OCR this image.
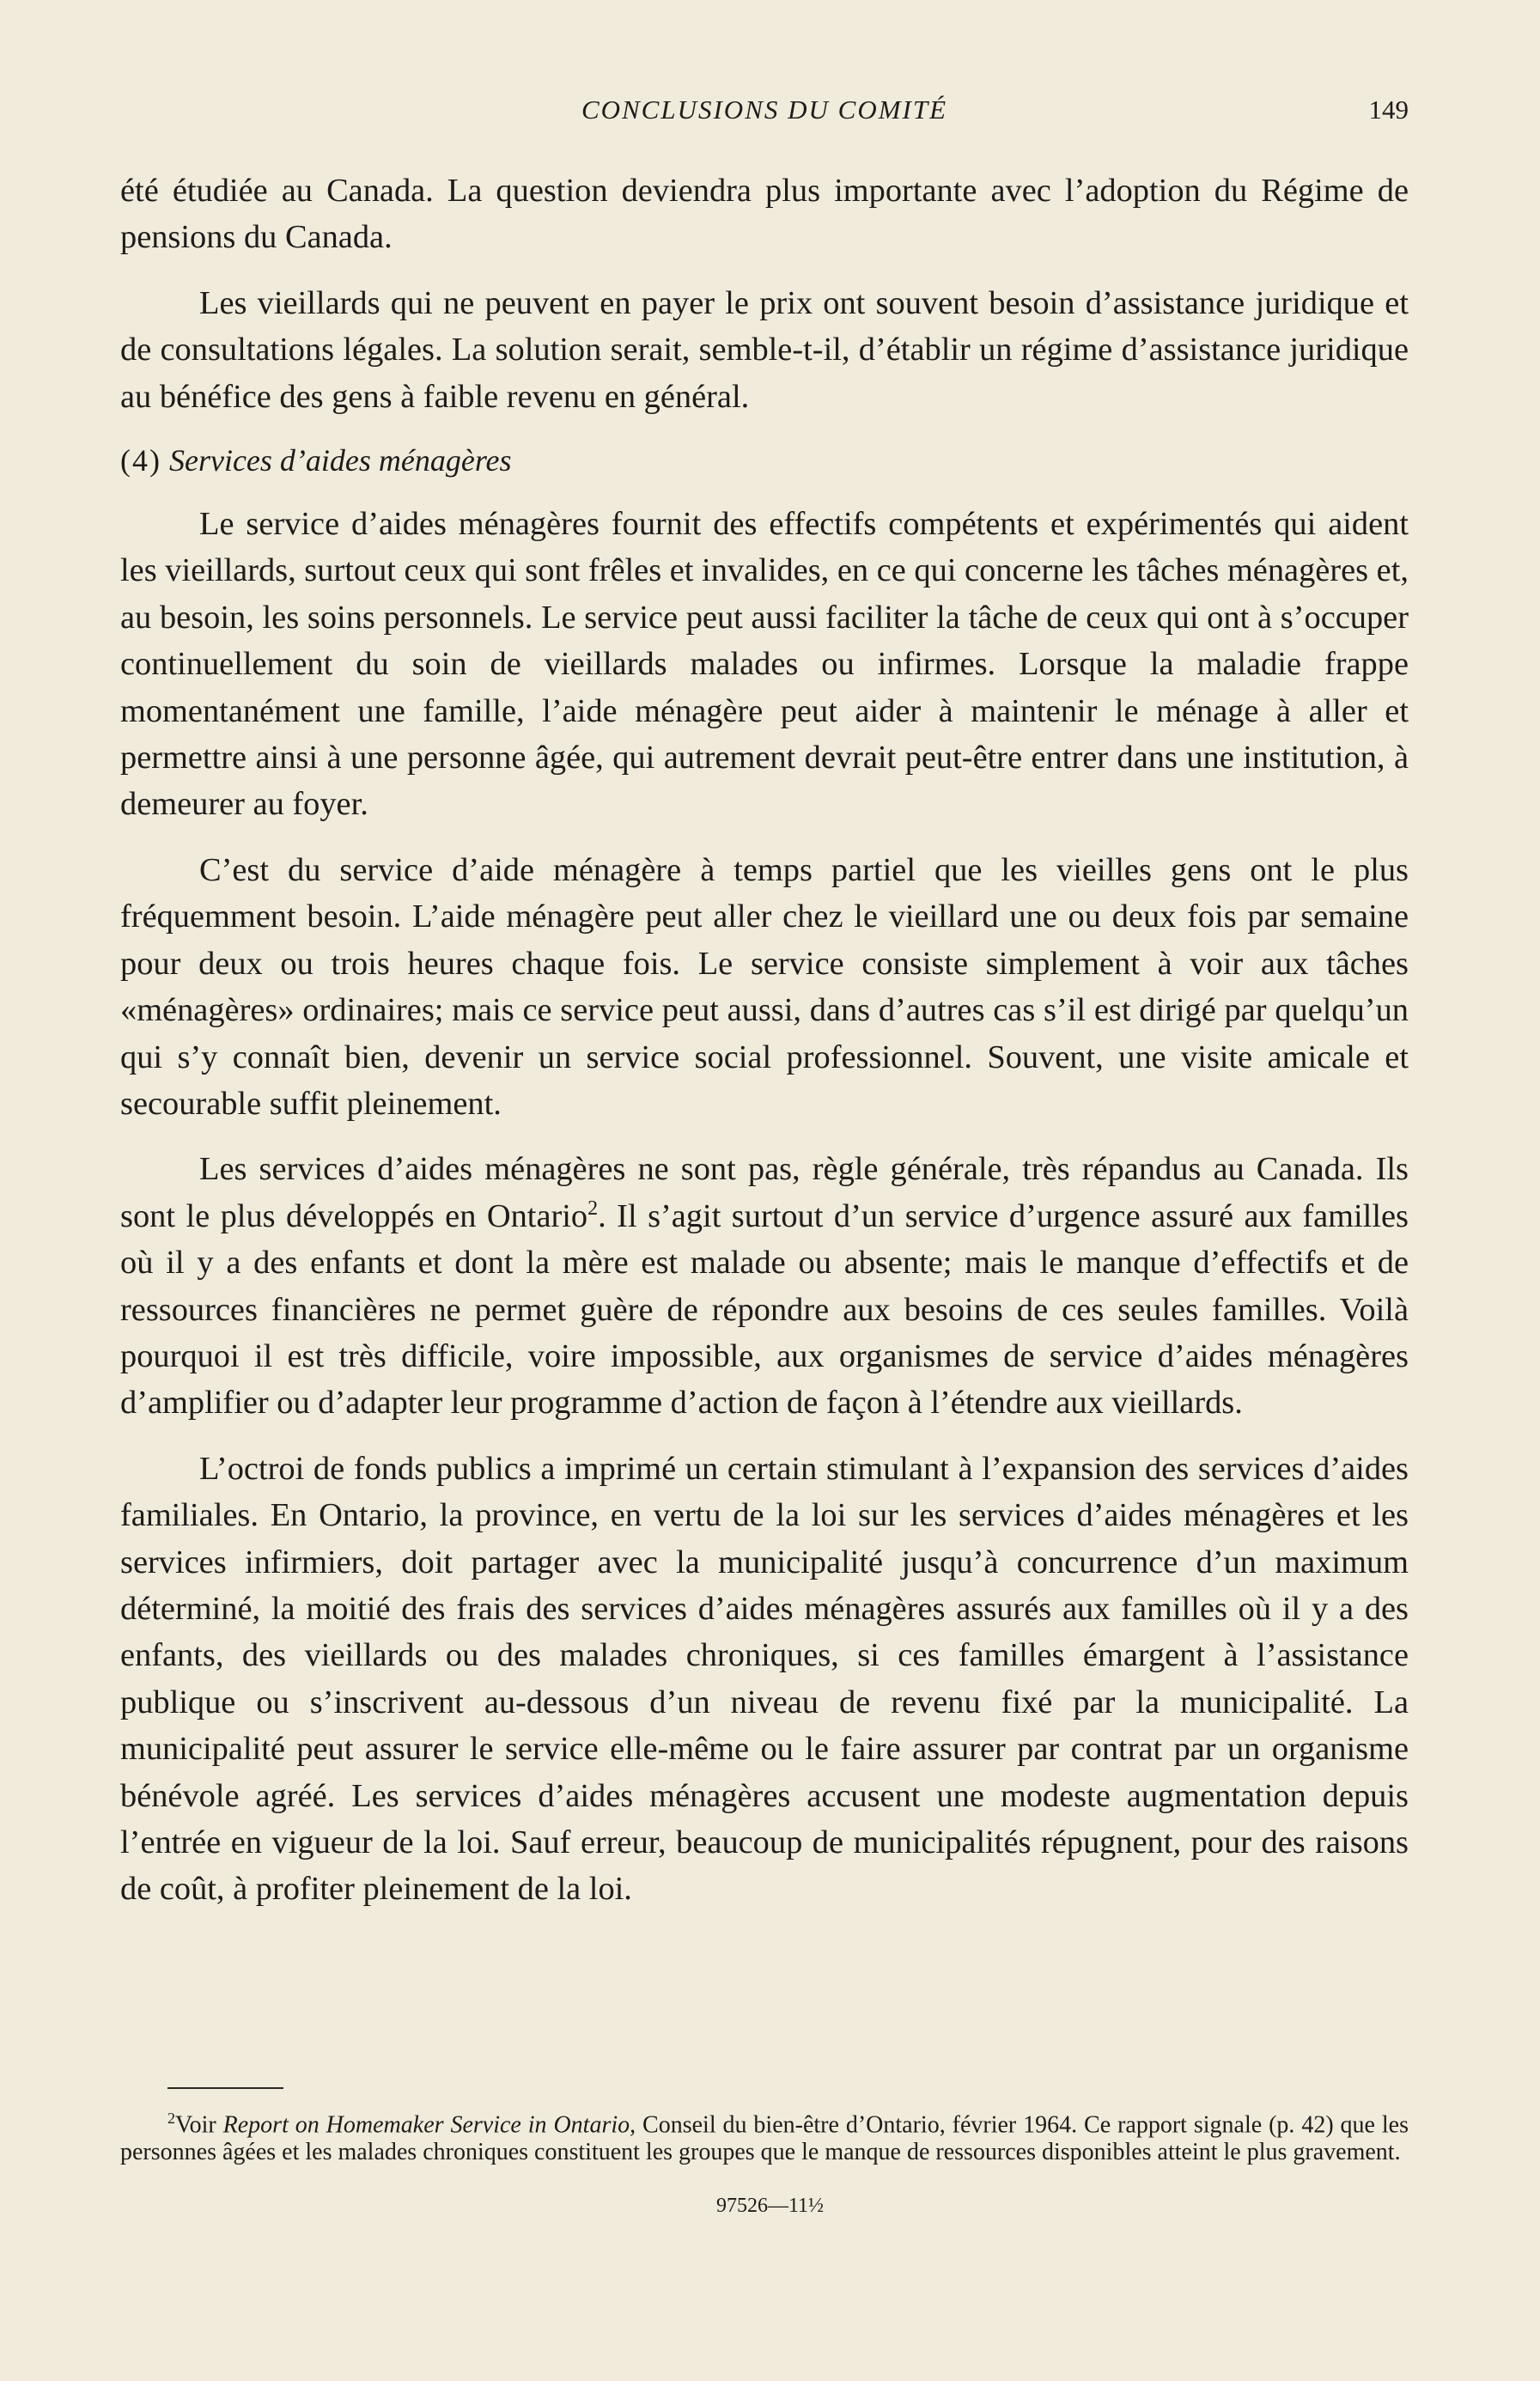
CONCLUSIONS DU COMITÉ	149

été étudiée au Canada. La question deviendra plus importante avec l’adoption du Régime de pensions du Canada.

Les vieillards qui ne peuvent en payer le prix ont souvent besoin d’assistance juridique et de consultations légales. La solution serait, semble-t-il, d’établir un régime d’assistance juridique au bénéfice des gens à faible revenu en général.

(4) Services d’aides ménagères

Le service d’aides ménagères fournit des effectifs compétents et expérimentés qui aident les vieillards, surtout ceux qui sont frêles et invalides, en ce qui concerne les tâches ménagères et, au besoin, les soins personnels. Le service peut aussi faciliter la tâche de ceux qui ont à s’occuper continuellement du soin de vieillards malades ou infirmes. Lorsque la maladie frappe momentanément une famille, l’aide ménagère peut aider à maintenir le ménage à aller et permettre ainsi à une personne âgée, qui autrement devrait peut-être entrer dans une institution, à demeurer au foyer.

C’est du service d’aide ménagère à temps partiel que les vieilles gens ont le plus fréquemment besoin. L’aide ménagère peut aller chez le vieillard une ou deux fois par semaine pour deux ou trois heures chaque fois. Le service consiste simplement à voir aux tâches «ménagères» ordinaires; mais ce service peut aussi, dans d’autres cas s’il est dirigé par quelqu’un qui s’y connaît bien, devenir un service social professionnel. Souvent, une visite amicale et secourable suffit pleinement.

Les services d’aides ménagères ne sont pas, règle générale, très répandus au Canada. Ils sont le plus développés en Ontario$^2$. Il s’agit surtout d’un service d’urgence assuré aux familles où il y a des enfants et dont la mère est malade ou absente; mais le manque d’effectifs et de ressources financières ne permet guère de répondre aux besoins de ces seules familles. Voilà pourquoi il est très difficile, voire impossible, aux organismes de service d’aides ménagères d’amplifier ou d’adapter leur programme d’action de façon à l’étendre aux vieillards.

L’octroi de fonds publics a imprimé un certain stimulant à l’expansion des services d’aides familiales. En Ontario, la province, en vertu de la loi sur les services d’aides ménagères et les services infirmiers, doit partager avec la municipalité jusqu’à concurrence d’un maximum déterminé, la moitié des frais des services d’aides ménagères assurés aux familles où il y a des enfants, des vieillards ou des malades chroniques, si ces familles émargent à l’assistance publique ou s’inscrivent au-dessous d’un niveau de revenu fixé par la municipalité. La municipalité peut assurer le service elle-même ou le faire assurer par contrat par un organisme bénévole agréé. Les services d’aides ménagères accusent une modeste augmentation depuis l’entrée en vigueur de la loi. Sauf erreur, beaucoup de municipalités répugnent, pour des raisons de coût, à profiter pleinement de la loi.

$^2$Voir Report on Homemaker Service in Ontario, Conseil du bien-être d’Ontario, février 1964. Ce rapport signale (p. 42) que les personnes âgées et les malades chroniques constituent les groupes que le manque de ressources disponibles atteint le plus gravement.

97526—11½
